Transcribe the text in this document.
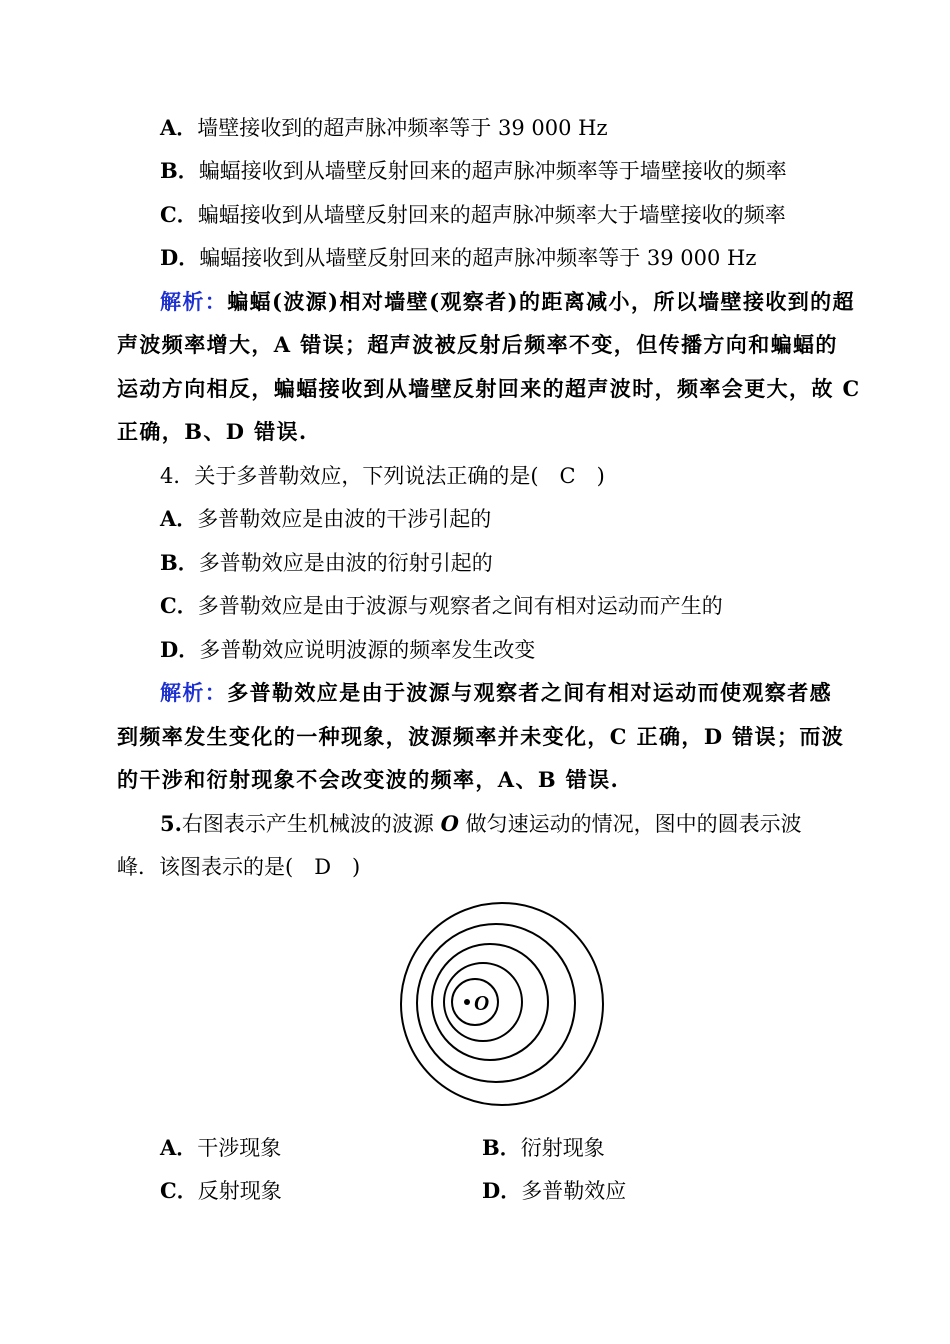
A．墙壁接收到的超声脉冲频率等于 39 000 Hz
B．蝙蝠接收到从墙壁反射回来的超声脉冲频率等于墙壁接收的频率
C．蝙蝠接收到从墙壁反射回来的超声脉冲频率大于墙壁接收的频率
D．蝙蝠接收到从墙壁反射回来的超声脉冲频率等于 39 000 Hz
解析：蝙蝠(波源)相对墙壁(观察者)的距离减小，所以墙壁接收到的超
声波频率增大，A 错误；超声波被反射后频率不变，但传播方向和蝙蝠的
运动方向相反，蝙蝠接收到从墙壁反射回来的超声波时，频率会更大，故 C
正确，B、D 错误.
4．关于多普勒效应，下列说法正确的是(　C　)
A．多普勒效应是由波的干涉引起的
B．多普勒效应是由波的衍射引起的
C．多普勒效应是由于波源与观察者之间有相对运动而产生的
D．多普勒效应说明波源的频率发生改变
解析：多普勒效应是由于波源与观察者之间有相对运动而使观察者感
到频率发生变化的一种现象，波源频率并未变化，C 正确，D 错误；而波
的干涉和衍射现象不会改变波的频率，A、B 错误.
5.右图表示产生机械波的波源 O 做匀速运动的情况，图中的圆表示波
峰．该图表示的是(　D　)
O
A．干涉现象	B．衍射现象
C．反射现象	D．多普勒效应
